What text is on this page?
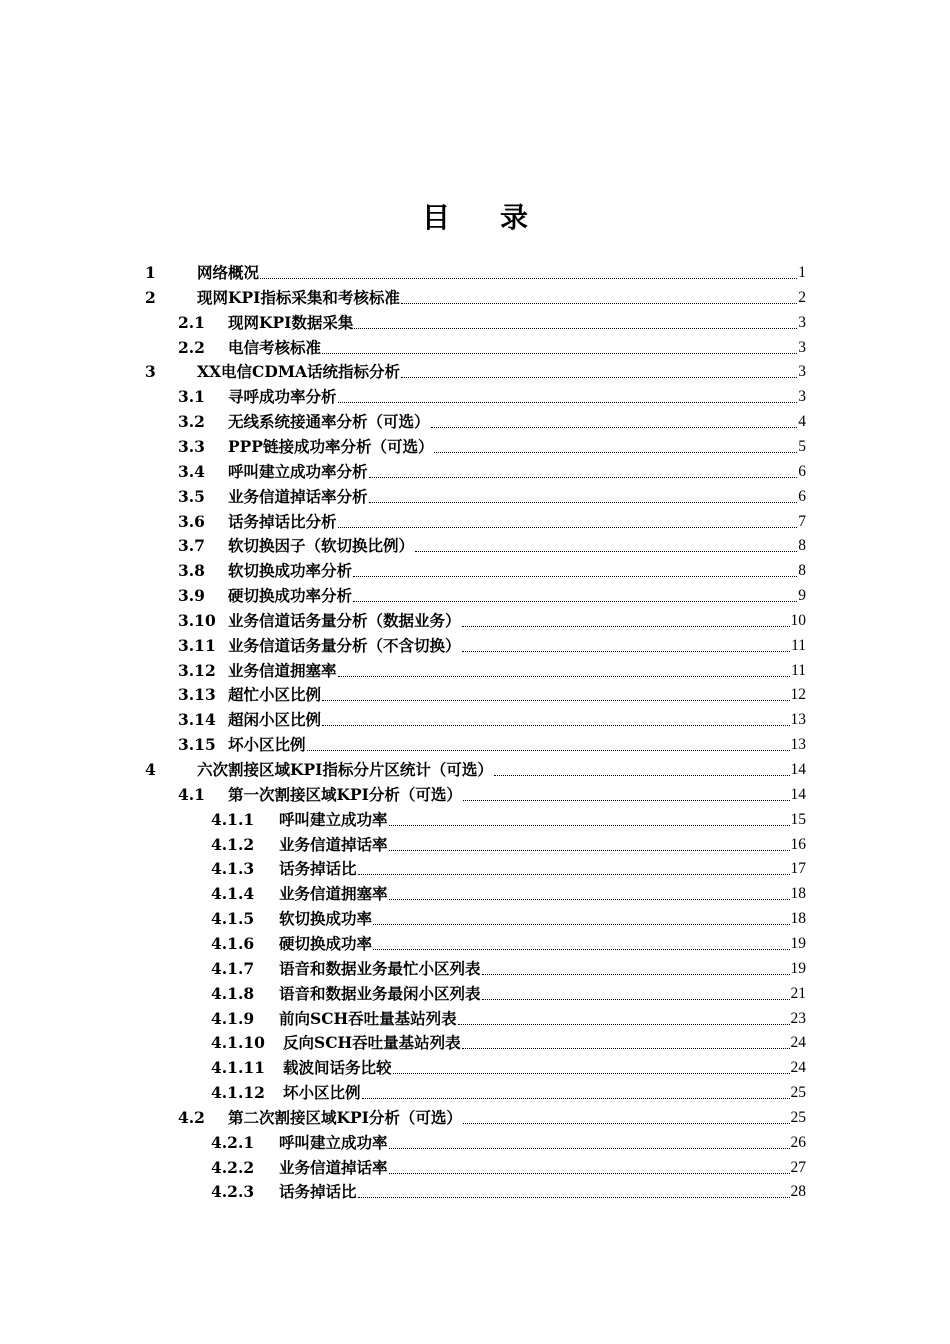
目 录
1	网络概况	1
2	现网KPI指标采集和考核标准	2
2.1	现网KPI数据采集	3
2.2	电信考核标准	3
3	XX电信CDMA话统指标分析	3
3.1	寻呼成功率分析	3
3.2	无线系统接通率分析（可选）	4
3.3	PPP链接成功率分析（可选）	5
3.4	呼叫建立成功率分析	6
3.5	业务信道掉话率分析	6
3.6	话务掉话比分析	7
3.7	软切换因子（软切换比例）	8
3.8	软切换成功率分析	8
3.9	硬切换成功率分析	9
3.10 业务信道话务量分析（数据业务）	10
3.11 业务信道话务量分析（不含切换）	11
3.12 业务信道拥塞率	11
3.13 超忙小区比例	12
3.14 超闲小区比例	13
3.15 坏小区比例	13
4	六次割接区域KPI指标分片区统计（可选）	14
4.1	第一次割接区域KPI分析（可选）	14
4.1.1	呼叫建立成功率	15
4.1.2	业务信道掉话率	16
4.1.3	话务掉话比	17
4.1.4	业务信道拥塞率	18
4.1.5	软切换成功率	18
4.1.6	硬切换成功率	19
4.1.7	语音和数据业务最忙小区列表	19
4.1.8	语音和数据业务最闲小区列表	21
4.1.9	前向SCH吞吐量基站列表	23
4.1.10	反向SCH吞吐量基站列表	24
4.1.11	载波间话务比较	24
4.1.12	坏小区比例	25
4.2	第二次割接区域KPI分析（可选）	25
4.2.1	呼叫建立成功率	26
4.2.2	业务信道掉话率	27
4.2.3	话务掉话比	28
